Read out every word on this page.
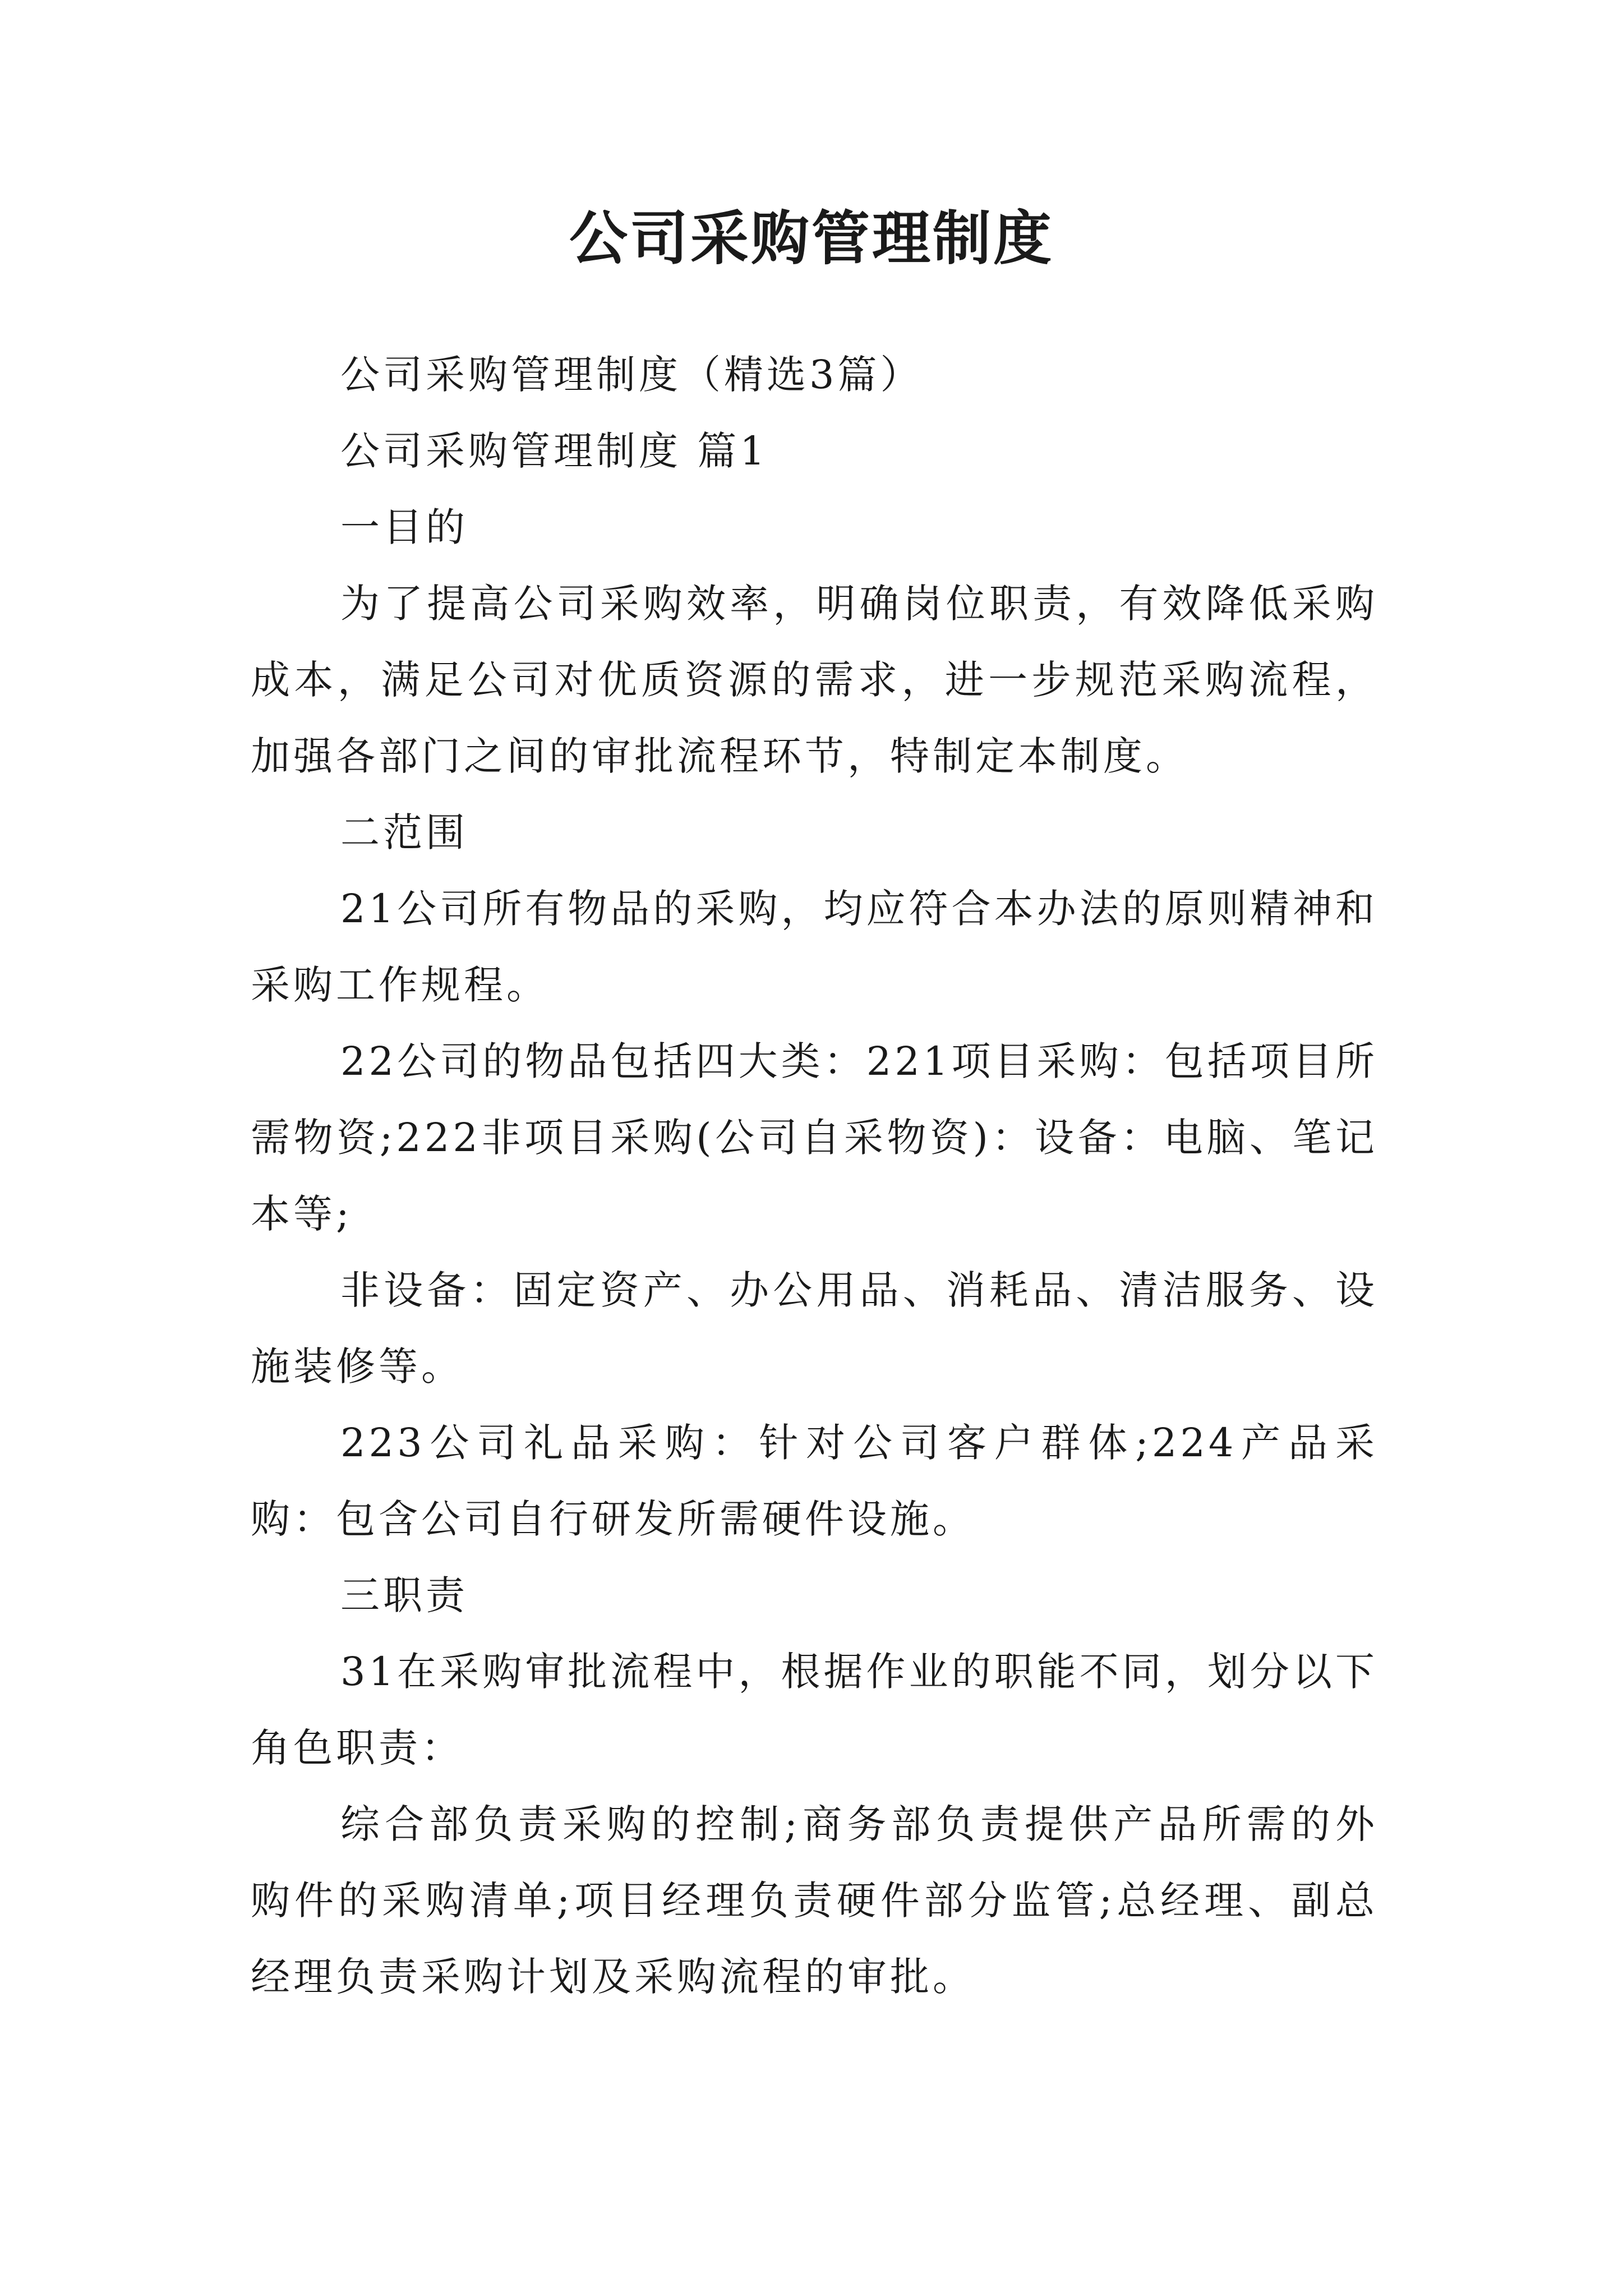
公司采购管理制度

公司采购管理制度（精选3篇）

公司采购管理制度 篇1

一目的

为了提高公司采购效率，明确岗位职责，有效降低采购成本，满足公司对优质资源的需求，进一步规范采购流程，加强各部门之间的审批流程环节，特制定本制度。

二范围

21公司所有物品的采购，均应符合本办法的原则精神和采购工作规程。

22公司的物品包括四大类：221项目采购：包括项目所需物资;222非项目采购(公司自采物资)：设备：电脑、笔记本等;

非设备：固定资产、办公用品、消耗品、清洁服务、设施装修等。

223公司礼品采购：针对公司客户群体;224产品采购：包含公司自行研发所需硬件设施。

三职责

31在采购审批流程中，根据作业的职能不同，划分以下角色职责：

综合部负责采购的控制;商务部负责提供产品所需的外购件的采购清单;项目经理负责硬件部分监管;总经理、副总经理负责采购计划及采购流程的审批。
